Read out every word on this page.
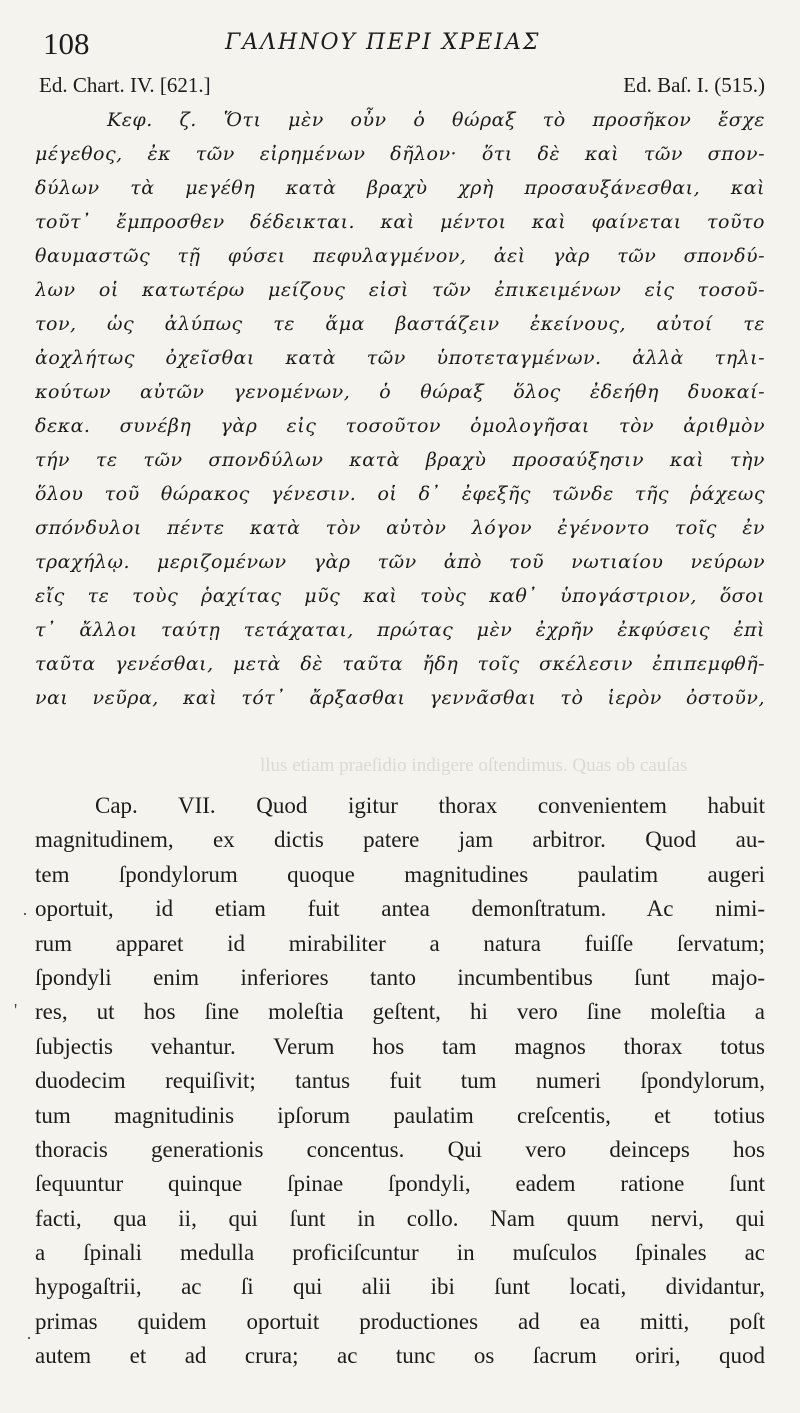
108	ΓΑΛΗΝΟΥ ΠΕΡΙ ΧΡΕΙΑΣ
Ed. Chart. IV. [621.]	Ed. Baſ. I. (515.)
Κεφ. ζ. Ὅτι μὲν οὖν ὁ θώραξ τὸ προσῆκον ἔσχε
μέγεθος, ἐκ τῶν εἰρημένων δῆλον· ὅτι δὲ καὶ τῶν σπον-
δύλων τὰ μεγέθη κατὰ βραχὺ χρὴ προσαυξάνεσθαι, καὶ
τοῦτ᾽ ἔμπροσθεν δέδεικται. καὶ μέντοι καὶ φαίνεται τοῦτο
θαυμαστῶς τῇ φύσει πεφυλαγμένον, ἀεὶ γὰρ τῶν σπονδύ-
λων οἱ κατωτέρω μείζους εἰσὶ τῶν ἐπικειμένων εἰς τοσοῦ-
τον, ὡς ἀλύπως τε ἅμα βαστάζειν ἐκείνους, αὐτοί τε
ἀοχλήτως ὀχεῖσθαι κατὰ τῶν ὑποτεταγμένων. ἀλλὰ τηλι-
κούτων αὐτῶν γενομένων, ὁ θώραξ ὅλος ἐδεήθη δυοκαί-
δεκα. συνέβη γὰρ εἰς τοσοῦτον ὁμολογῆσαι τὸν ἀριθμὸν
τήν τε τῶν σπονδύλων κατὰ βραχὺ προσαύξησιν καὶ τὴν
ὅλου τοῦ θώρακος γένεσιν. οἱ δ᾽ ἐφεξῆς τῶνδε τῆς ῥάχεως
σπόνδυλοι πέντε κατὰ τὸν αὐτὸν λόγον ἐγένοντο τοῖς ἐν
τραχήλῳ. μεριζομένων γὰρ τῶν ἀπὸ τοῦ νωτιαίου νεύρων
εἴς τε τοὺς ῥαχίτας μῦς καὶ τοὺς καθ᾽ ὑπογάστριον, ὅσοι
τ᾽ ἄλλοι ταύτῃ τετάχαται, πρώτας μὲν ἐχρῆν ἐκφύσεις ἐπὶ
ταῦτα γενέσθαι, μετὰ δὲ ταῦτα ἤδη τοῖς σκέλεσιν ἐπιπεμφθῆ-
ναι νεῦρα, καὶ τότ᾽ ἄρξασθαι γεννᾶσθαι τὸ ἱερὸν ὀστοῦν,
llus etiam praeſidio indigere oſtendimus. Quas ob cauſas
Cap. VII. Quod igitur thorax convenientem habuit
magnitudinem, ex dictis patere jam arbitror. Quod au-
tem ſpondylorum quoque magnitudines paulatim augeri
oportuit, id etiam fuit antea demonſtratum. Ac nimi-
rum apparet id mirabiliter a natura fuiſſe ſervatum;
ſpondyli enim inferiores tanto incumbentibus ſunt majo-
res, ut hos ſine moleſtia geſtent, hi vero ſine moleſtia a
ſubjectis vehantur. Verum hos tam magnos thorax totus
duodecim requiſivit; tantus fuit tum numeri ſpondylorum,
tum magnitudinis ipſorum paulatim creſcentis, et totius
thoracis generationis concentus. Qui vero deinceps hos
ſequuntur quinque ſpinae ſpondyli, eadem ratione ſunt
facti, qua ii, qui ſunt in collo. Nam quum nervi, qui
a ſpinali medulla proficiſcuntur in muſculos ſpinales ac
hypogaſtrii, ac ſi qui alii ibi ſunt locati, dividantur,
primas quidem oportuit productiones ad ea mitti, poſt
autem et ad crura; ac tunc os ſacrum oriri, quod
·
'
·
